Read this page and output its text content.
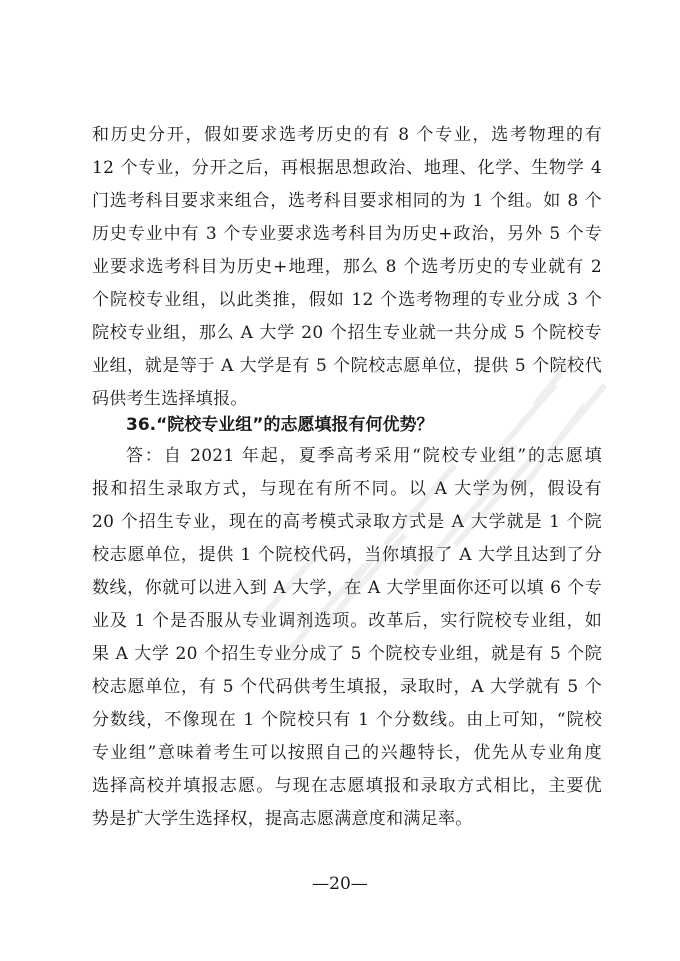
和历史分开，假如要求选考历史的有 8 个专业，选考物理的有
12 个专业，分开之后，再根据思想政治、地理、化学、生物学 4
门选考科目要求来组合，选考科目要求相同的为 1 个组。如 8 个
历史专业中有 3 个专业要求选考科目为历史+政治，另外 5 个专
业要求选考科目为历史+地理，那么 8 个选考历史的专业就有 2
个院校专业组，以此类推，假如 12 个选考物理的专业分成 3 个
院校专业组，那么 A 大学 20 个招生专业就一共分成 5 个院校专
业组，就是等于 A 大学是有 5 个院校志愿单位，提供 5 个院校代
码供考生选择填报。
36.“院校专业组”的志愿填报有何优势？
答：自 2021 年起，夏季高考采用“院校专业组”的志愿填
报和招生录取方式，与现在有所不同。以 A 大学为例，假设有
20 个招生专业，现在的高考模式录取方式是 A 大学就是 1 个院
校志愿单位，提供 1 个院校代码，当你填报了 A 大学且达到了分
数线，你就可以进入到 A 大学，在 A 大学里面你还可以填 6 个专
业及 1 个是否服从专业调剂选项。改革后，实行院校专业组，如
果 A 大学 20 个招生专业分成了 5 个院校专业组，就是有 5 个院
校志愿单位，有 5 个代码供考生填报，录取时，A 大学就有 5 个
分数线，不像现在 1 个院校只有 1 个分数线。由上可知，“院校
专业组”意味着考生可以按照自己的兴趣特长，优先从专业角度
选择高校并填报志愿。与现在志愿填报和录取方式相比，主要优
势是扩大学生选择权，提高志愿满意度和满足率。
—20—
